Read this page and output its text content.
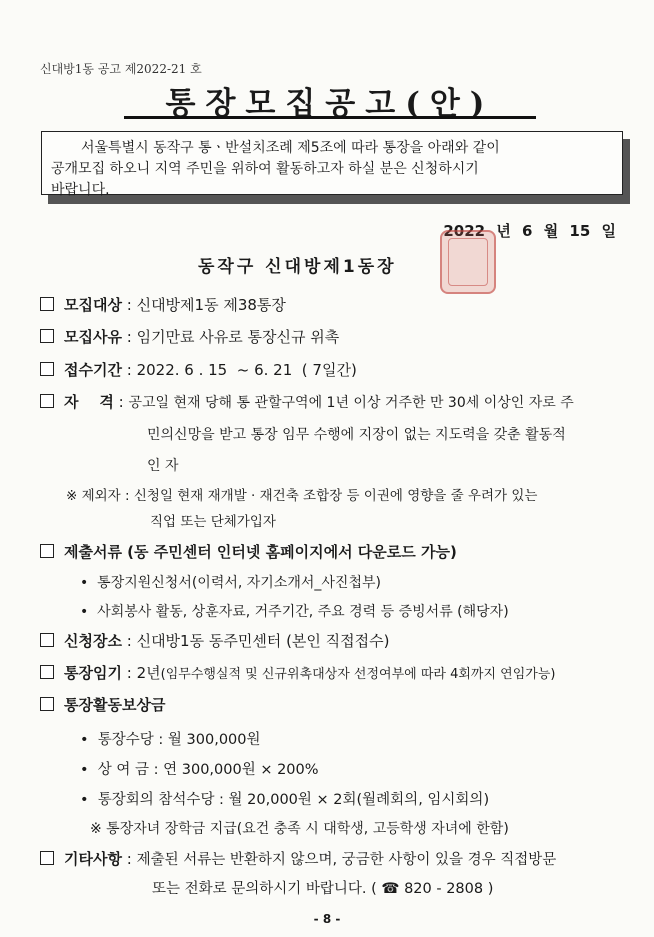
신대방1동 공고 제2022-21 호
통장모집공고(안)
서울특별시 동작구 통ㆍ반설치조례 제5조에 따라 통장을 아래와 같이
공개모집 하오니 지역 주민을 위하여 활동하고자 하실 분은 신청하시기
바랍니다.
2022 년 6 월 15 일
동작구 신대방제1동장
모집대상 : 신대방제1동 제38통장
모집사유 : 임기만료 사유로 통장신규 위촉
접수기간 : 2022. 6 . 15  ~ 6. 21  ( 7일간)
자    격 : 공고일 현재 당해 통 관할구역에 1년 이상 거주한 만 30세 이상인 자로 주
민의신망을 받고 통장 임무 수행에 지장이 없는 지도력을 갖춘 활동적
인 자
※ 제외자 : 신청일 현재 재개발 · 재건축 조합장 등 이권에 영향을 줄 우려가 있는
직업 또는 단체가입자
제출서류 (동 주민센터 인터넷 홈페이지에서 다운로드 가능)
•  통장지원신청서(이력서, 자기소개서_사진첩부)
•  사회봉사 활동, 상훈자료, 거주기간, 주요 경력 등 증빙서류 (해당자)
신청장소 : 신대방1동 동주민센터 (본인 직접접수)
통장임기 : 2년(임무수행실적 및 신규위촉대상자 선정여부에 따라 4회까지 연임가능)
통장활동보상금
•  통장수당 : 월 300,000원
•  상 여 금 : 연 300,000원 × 200%
•  통장회의 참석수당 : 월 20,000원 × 2회(월례회의, 임시회의)
※ 통장자녀 장학금 지급(요건 충족 시 대학생, 고등학생 자녀에 한함)
기타사항 : 제출된 서류는 반환하지 않으며, 궁금한 사항이 있을 경우 직접방문
또는 전화로 문의하시기 바랍니다. ( ☎ 820 - 2808 )
- 8 -
